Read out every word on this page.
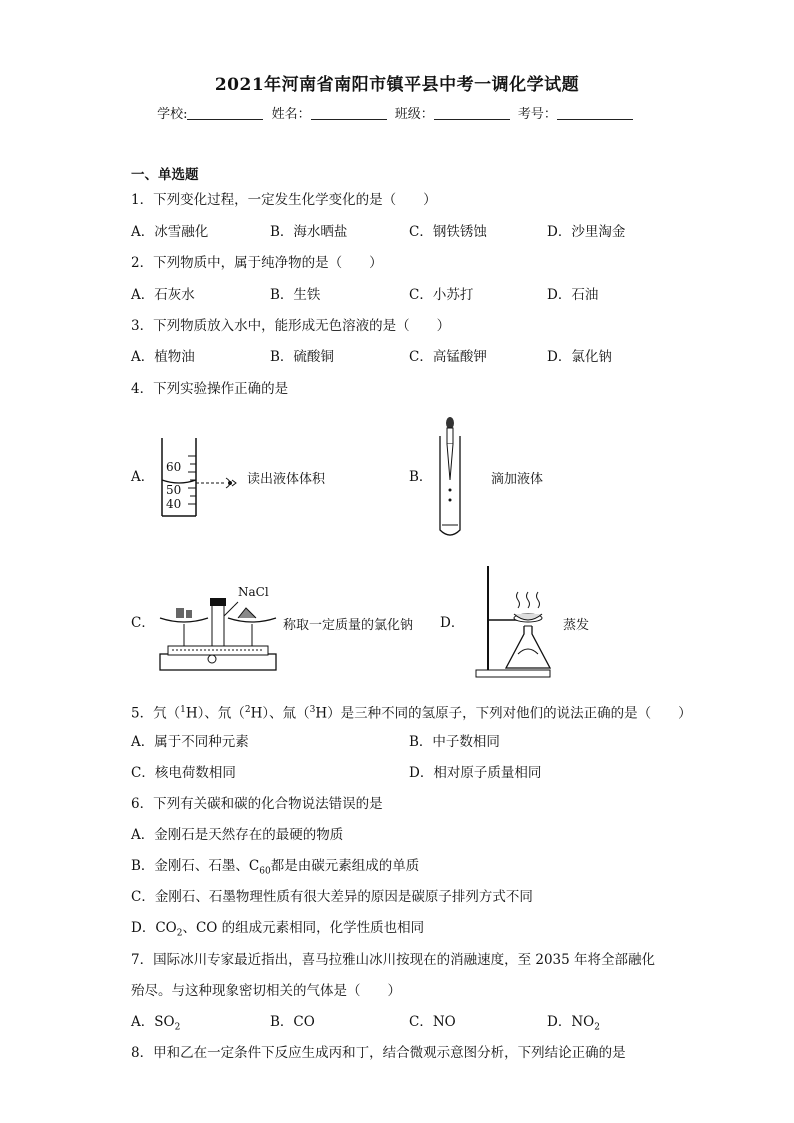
2021年河南省南阳市镇平县中考一调化学试题
学校:	姓名：	班级：	考号：
一、单选题
1．下列变化过程，一定发生化学变化的是（　　）
A．冰雪融化	B．海水晒盐	C．钢铁锈蚀	D．沙里淘金
2．下列物质中，属于纯净物的是（　　）
A．石灰水	B．生铁	C．小苏打	D．石油
3．下列物质放入水中，能形成无色溶液的是（　　）
A．植物油	B．硫酸铜	C．高锰酸钾	D．氯化钠
4．下列实验操作正确的是
A．
60
50
40
读出液体体积	B．	滴加液体
C．
NaCl
称取一定质量的氯化钠 D．	蒸发
5．氕（$^1$H）、氘（$^2$H）、氚（$^3$H）是三种不同的氢原子，下列对他们的说法正确的是（　　）
A．属于不同种元素	B．中子数相同
C．核电荷数相同	D．相对原子质量相同
6．下列有关碳和碳的化合物说法错误的是
A．金刚石是天然存在的最硬的物质
B．金刚石、石墨、$C_{60}$都是由碳元素组成的单质
C．金刚石、石墨物理性质有很大差异的原因是碳原子排列方式不同
D．$CO_2$、CO 的组成元素相同，化学性质也相同
7．国际冰川专家最近指出，喜马拉雅山冰川按现在的消融速度，至 2035 年将全部融化
殆尽。与这种现象密切相关的气体是（　　）
A．$SO_2$	B．CO	C．NO	D．$NO_2$
8．甲和乙在一定条件下反应生成丙和丁，结合微观示意图分析，下列结论正确的是
